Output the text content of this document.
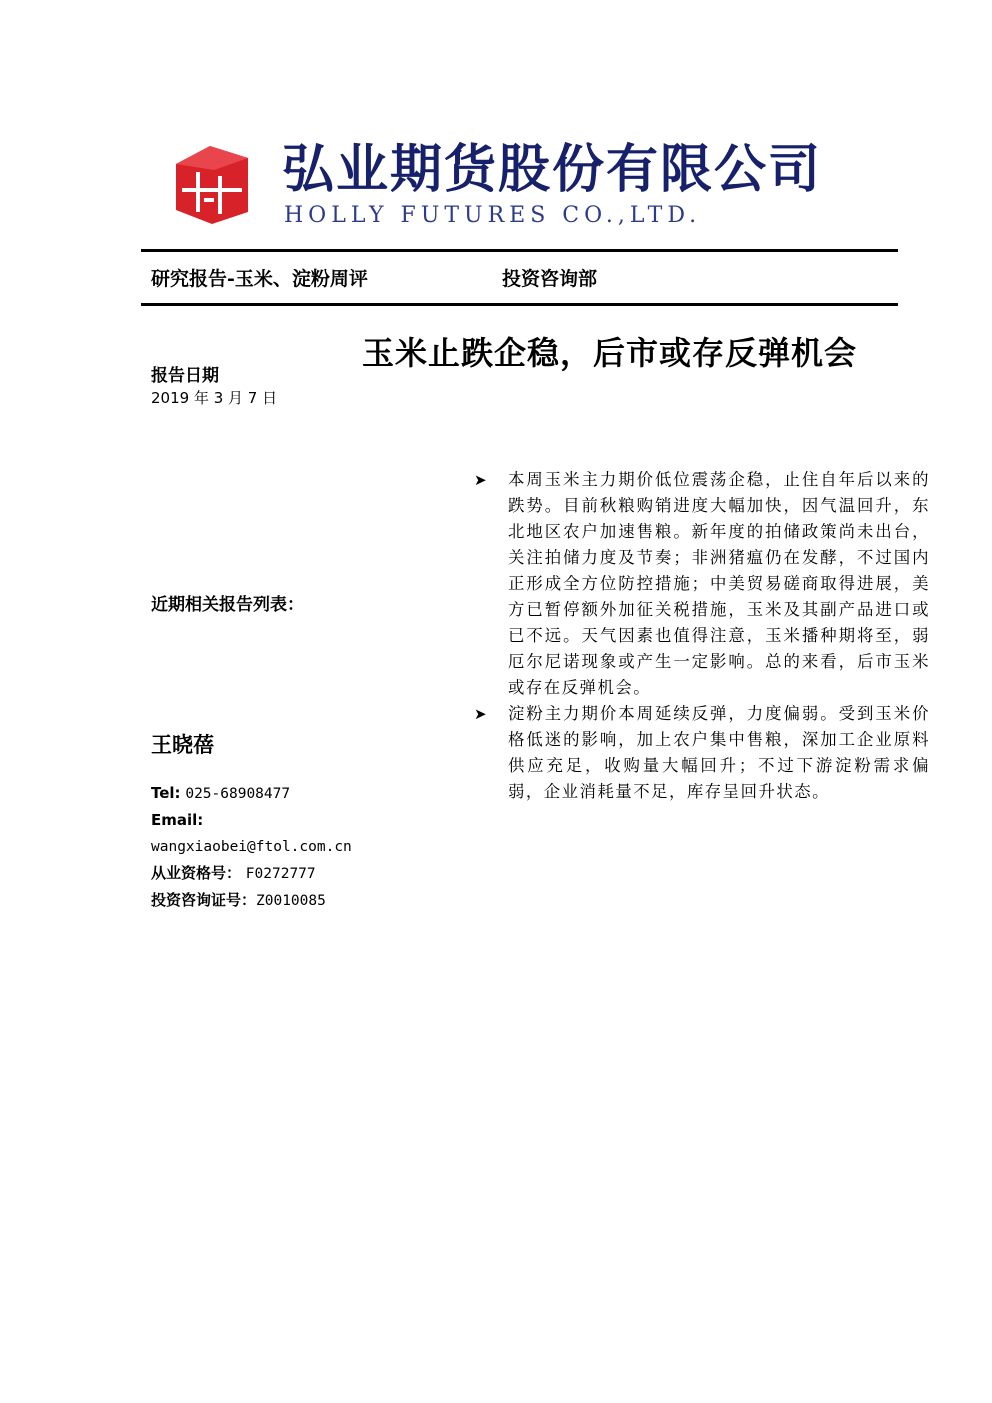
弘业期货股份有限公司
HOLLY FUTURES CO.,LTD.
研究报告-玉米、淀粉周评	投资咨询部
玉米止跌企稳，后市或存反弹机会
报告日期
2019 年 3 月 7 日
近期相关报告列表：
王晓蓓
Tel: 025-68908477
Email:
wangxiaobei@ftol.com.cn
从业资格号： F0272777
投资咨询证号：Z0010085
➤ 本周玉米主力期价低位震荡企稳，止住自年后以来的跌势。目前秋粮购销进度大幅加快，因气温回升，东北地区农户加速售粮。新年度的拍储政策尚未出台，关注拍储力度及节奏；非洲猪瘟仍在发酵，不过国内正形成全方位防控措施；中美贸易磋商取得进展，美方已暂停额外加征关税措施，玉米及其副产品进口或已不远。天气因素也值得注意，玉米播种期将至，弱厄尔尼诺现象或产生一定影响。总的来看，后市玉米或存在反弹机会。
➤ 淀粉主力期价本周延续反弹，力度偏弱。受到玉米价格低迷的影响，加上农户集中售粮，深加工企业原料供应充足，收购量大幅回升；不过下游淀粉需求偏弱，企业消耗量不足，库存呈回升状态。
